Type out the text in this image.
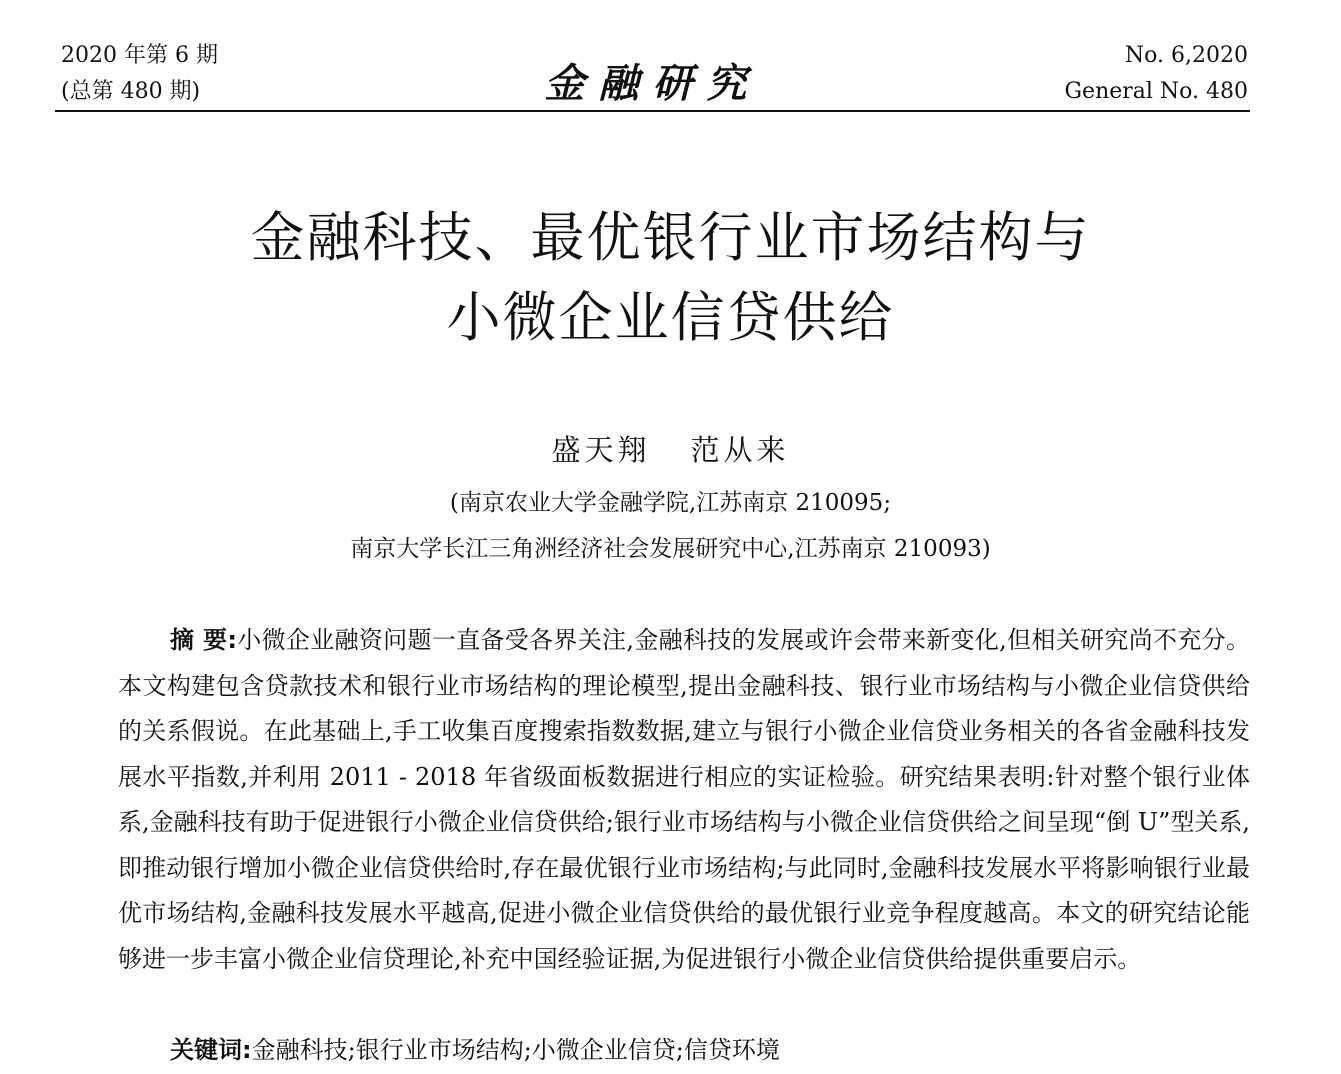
2020 年第 6 期
(总第 480 期)	金融研究
No. 6,2020
General No. 480
金融科技、最优银行业市场结构与
小微企业信贷供给
盛天翔 范从来
(南京农业大学金融学院,江苏南京 210095;
南京大学长江三角洲经济社会发展研究中心,江苏南京 210093)
摘 要:小微企业融资问题一直备受各界关注,金融科技的发展或许会带来新变化,但相关研究尚不充分。本文构建包含贷款技术和银行业市场结构的理论模型,提出金融科技、银行业市场结构与小微企业信贷供给的关系假说。在此基础上,手工收集百度搜索指数数据,建立与银行小微企业信贷业务相关的各省金融科技发展水平指数,并利用 2011 - 2018 年省级面板数据进行相应的实证检验。研究结果表明:针对整个银行业体系,金融科技有助于促进银行小微企业信贷供给;银行业市场结构与小微企业信贷供给之间呈现“倒 U”型关系,即推动银行增加小微企业信贷供给时,存在最优银行业市场结构;与此同时,金融科技发展水平将影响银行业最优市场结构,金融科技发展水平越高,促进小微企业信贷供给的最优银行业竞争程度越高。本文的研究结论能够进一步丰富小微企业信贷理论,补充中国经验证据,为促进银行小微企业信贷供给提供重要启示。
关键词:金融科技;银行业市场结构;小微企业信贷;信贷环境
